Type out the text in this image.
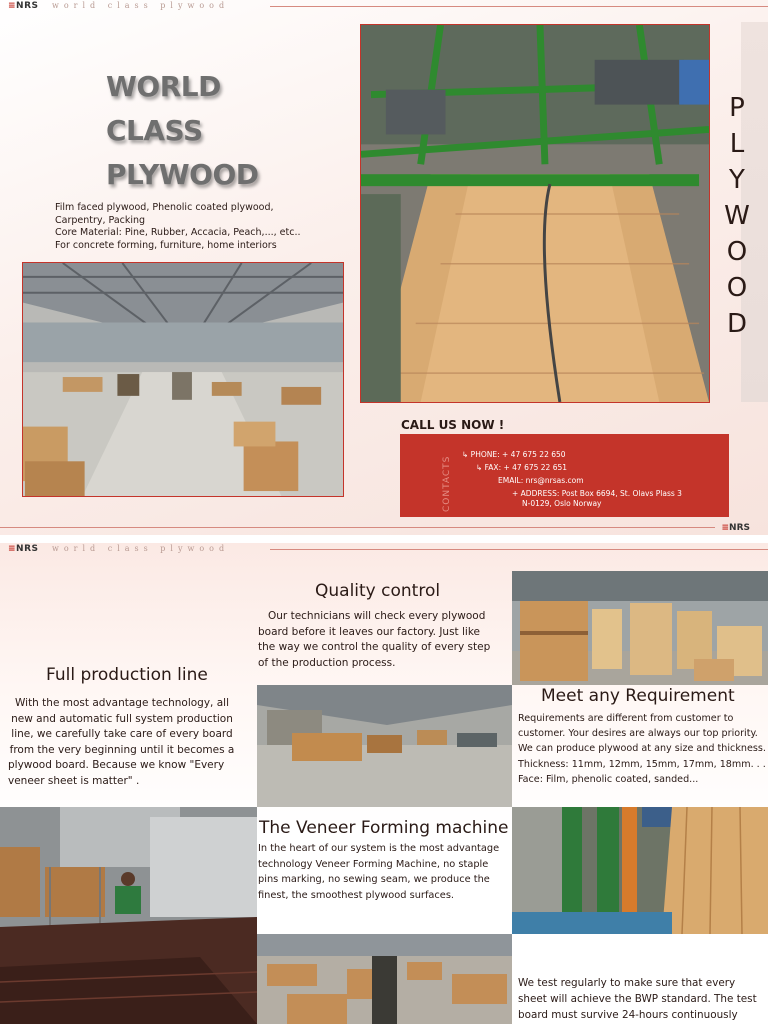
≡NRS world class plywood
WORLD
CLASS
PLYWOOD
Film faced plywood, Phenolic coated plywood,
Carpentry, Packing
Core Material: Pine, Rubber, Accacia, Peach,..., etc..
For concrete forming, furniture, home interiors
P
L
Y
W
O
O
D
CALL US NOW !
CONTACTS
↳ PHONE: + 47 675 22 650
↳ FAX: + 47 675 22 651
EMAIL: nrs@nrsas.com
+ ADDRESS: Post Box 6694, St. Olavs Plass 3
N-0129, Oslo Norway
≡NRS
≡NRS world class plywood
Quality control
Our technicians will check every plywood
board before it leaves our factory. Just like
the way we control the quality of every step
of the production process.
Full production line
With the most advantage technology, all
new and automatic full system production
line, we carefully take care of every board
from the very beginning until it becomes a
plywood board. Because we know "Every
veneer sheet is matter" .
Meet any Requirement
Requirements are different from customer to
customer. Your desires are always our top priority.
We can produce plywood at any size and thickness.
Thickness: 11mm, 12mm, 15mm, 17mm, 18mm. . .
Face: Film, phenolic coated, sanded...
The Veneer Forming machine
In the heart of our system is the most advantage
technology Veneer Forming Machine, no staple
pins marking, no sewing seam, we produce the
finest, the smoothest plywood surfaces.
We test regularly to make sure that every
sheet will achieve the BWP standard. The test
board must survive 24-hours continuously
